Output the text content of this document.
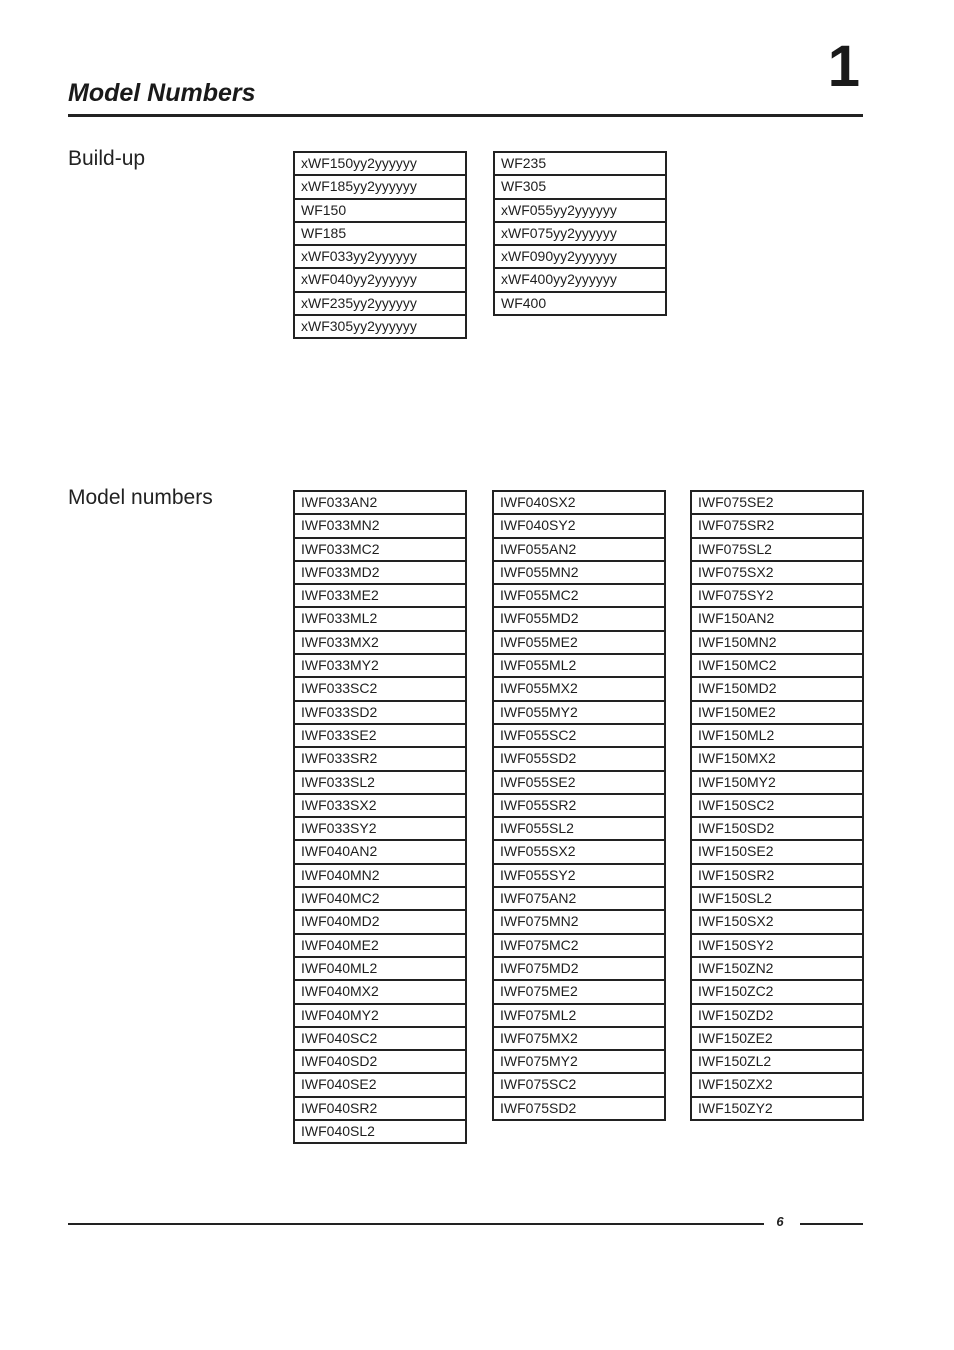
1
Model Numbers
Build-up	xWF150yy2yyyyyy
xWF185yy2yyyyyy
WF150
WF185
xWF033yy2yyyyyy
xWF040yy2yyyyyy
xWF235yy2yyyyyy
xWF305yy2yyyyyy
WF235
WF305
xWF055yy2yyyyyy
xWF075yy2yyyyyy
xWF090yy2yyyyyy
xWF400yy2yyyyyy
WF400
Model numbers	IWF033AN2
IWF033MN2
IWF033MC2
IWF033MD2
IWF033ME2
IWF033ML2
IWF033MX2
IWF033MY2
IWF033SC2
IWF033SD2
IWF033SE2
IWF033SR2
IWF033SL2
IWF033SX2
IWF033SY2
IWF040AN2
IWF040MN2
IWF040MC2
IWF040MD2
IWF040ME2
IWF040ML2
IWF040MX2
IWF040MY2
IWF040SC2
IWF040SD2
IWF040SE2
IWF040SR2
IWF040SL2
IWF040SX2
IWF040SY2
IWF055AN2
IWF055MN2
IWF055MC2
IWF055MD2
IWF055ME2
IWF055ML2
IWF055MX2
IWF055MY2
IWF055SC2
IWF055SD2
IWF055SE2
IWF055SR2
IWF055SL2
IWF055SX2
IWF055SY2
IWF075AN2
IWF075MN2
IWF075MC2
IWF075MD2
IWF075ME2
IWF075ML2
IWF075MX2
IWF075MY2
IWF075SC2
IWF075SD2
IWF075SE2
IWF075SR2
IWF075SL2
IWF075SX2
IWF075SY2
IWF150AN2
IWF150MN2
IWF150MC2
IWF150MD2
IWF150ME2
IWF150ML2
IWF150MX2
IWF150MY2
IWF150SC2
IWF150SD2
IWF150SE2
IWF150SR2
IWF150SL2
IWF150SX2
IWF150SY2
IWF150ZN2
IWF150ZC2
IWF150ZD2
IWF150ZE2
IWF150ZL2
IWF150ZX2
IWF150ZY2
6
